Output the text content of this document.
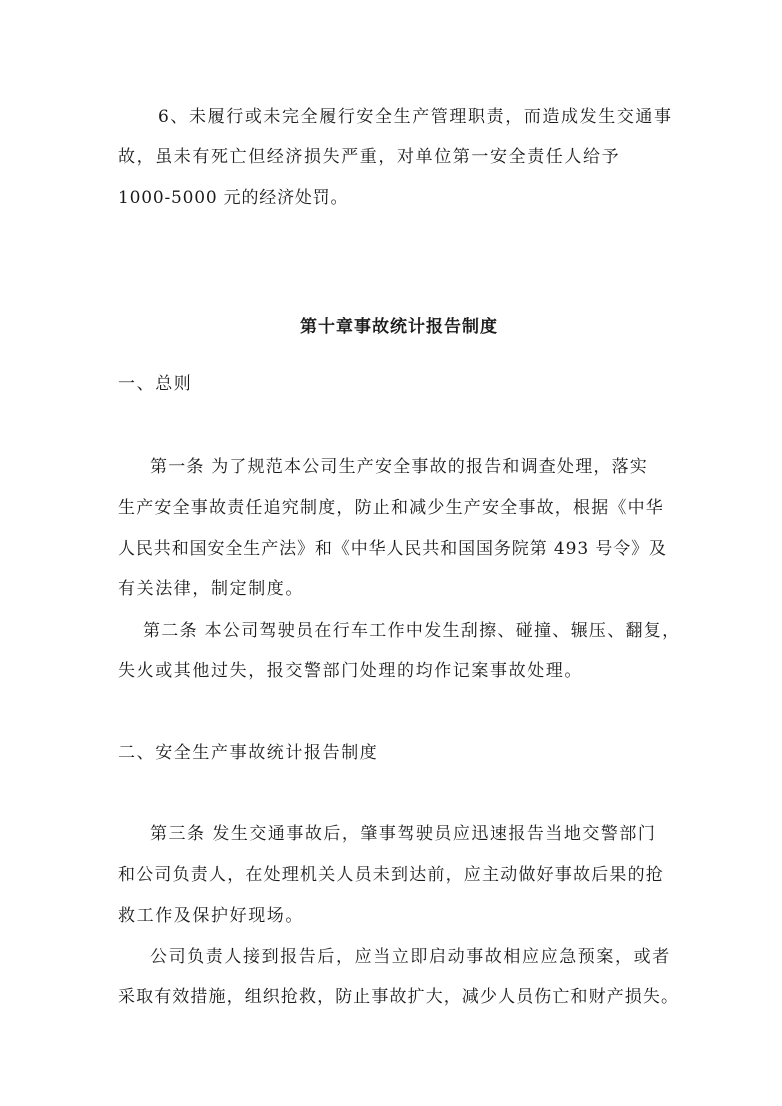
6、未履行或未完全履行安全生产管理职责，而造成发生交通事
故，虽未有死亡但经济损失严重，对单位第一安全责任人给予
1000-5000 元的经济处罚。
第十章事故统计报告制度
一、总则
第一条 为了规范本公司生产安全事故的报告和调查处理，落实
生产安全事故责任追究制度，防止和减少生产安全事故，根据《中华
人民共和国安全生产法》和《中华人民共和国国务院第 493 号令》及
有关法律，制定制度。
第二条 本公司驾驶员在行车工作中发生刮擦、碰撞、辗压、翻复，
失火或其他过失，报交警部门处理的均作记案事故处理。
二、安全生产事故统计报告制度
第三条 发生交通事故后，肇事驾驶员应迅速报告当地交警部门
和公司负责人，在处理机关人员未到达前，应主动做好事故后果的抢
救工作及保护好现场。
公司负责人接到报告后，应当立即启动事故相应应急预案，或者
采取有效措施，组织抢救，防止事故扩大，减少人员伤亡和财产损失。
